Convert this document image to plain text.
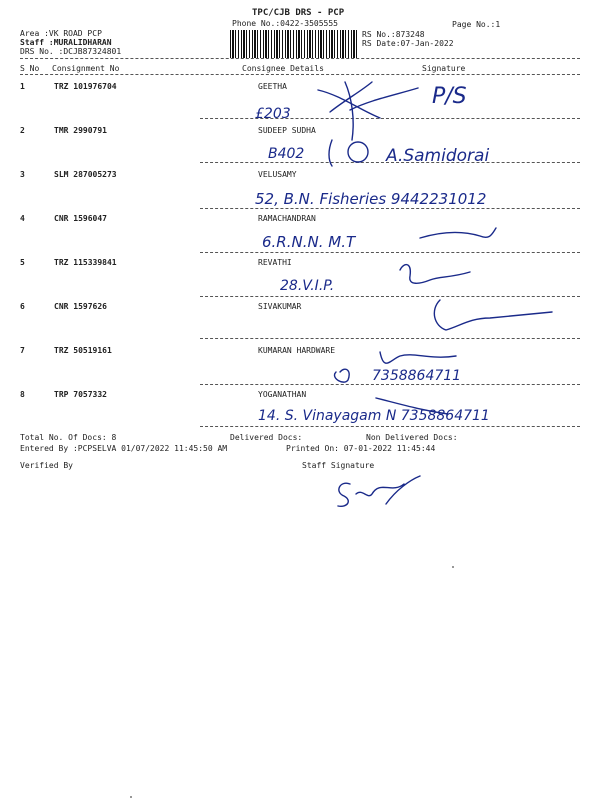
TPC/CJB DRS - PCP
Phone No.:0422-3505555	Page No.:1
Area :VK ROAD PCP
Staff :MURALIDHARAN
DRS No. :DCJB87324801
RS No.:873248
RS Date:07-Jan-2022
S No Consignment No	Consignee Details	Signature
1	TRZ 101976704	GEETHA
£203
P/S
2	TMR 2990791	SUDEEP SUDHA
B402	A.Samidorai
3	SLM 287005273	VELUSAMY
52, B.N. Fisheries 9442231012
4	CNR 1596047	RAMACHANDRAN
6.R.N.N. M.T
5	TRZ 115339841	REVATHI
28.V.I.P.
6	CNR 1597626	SIVAKUMAR
7	TRZ 50519161	KUMARAN HARDWARE
7358864711
8	TRP 7057332	YOGANATHAN
14. S. Vinayagam N 7358864711
Total No. Of Docs: 8	Delivered Docs:	Non Delivered Docs:
Entered By :PCPSELVA 01/07/2022 11:45:50 AM	Printed On: 07-01-2022 11:45:44
Verified By	Staff Signature
